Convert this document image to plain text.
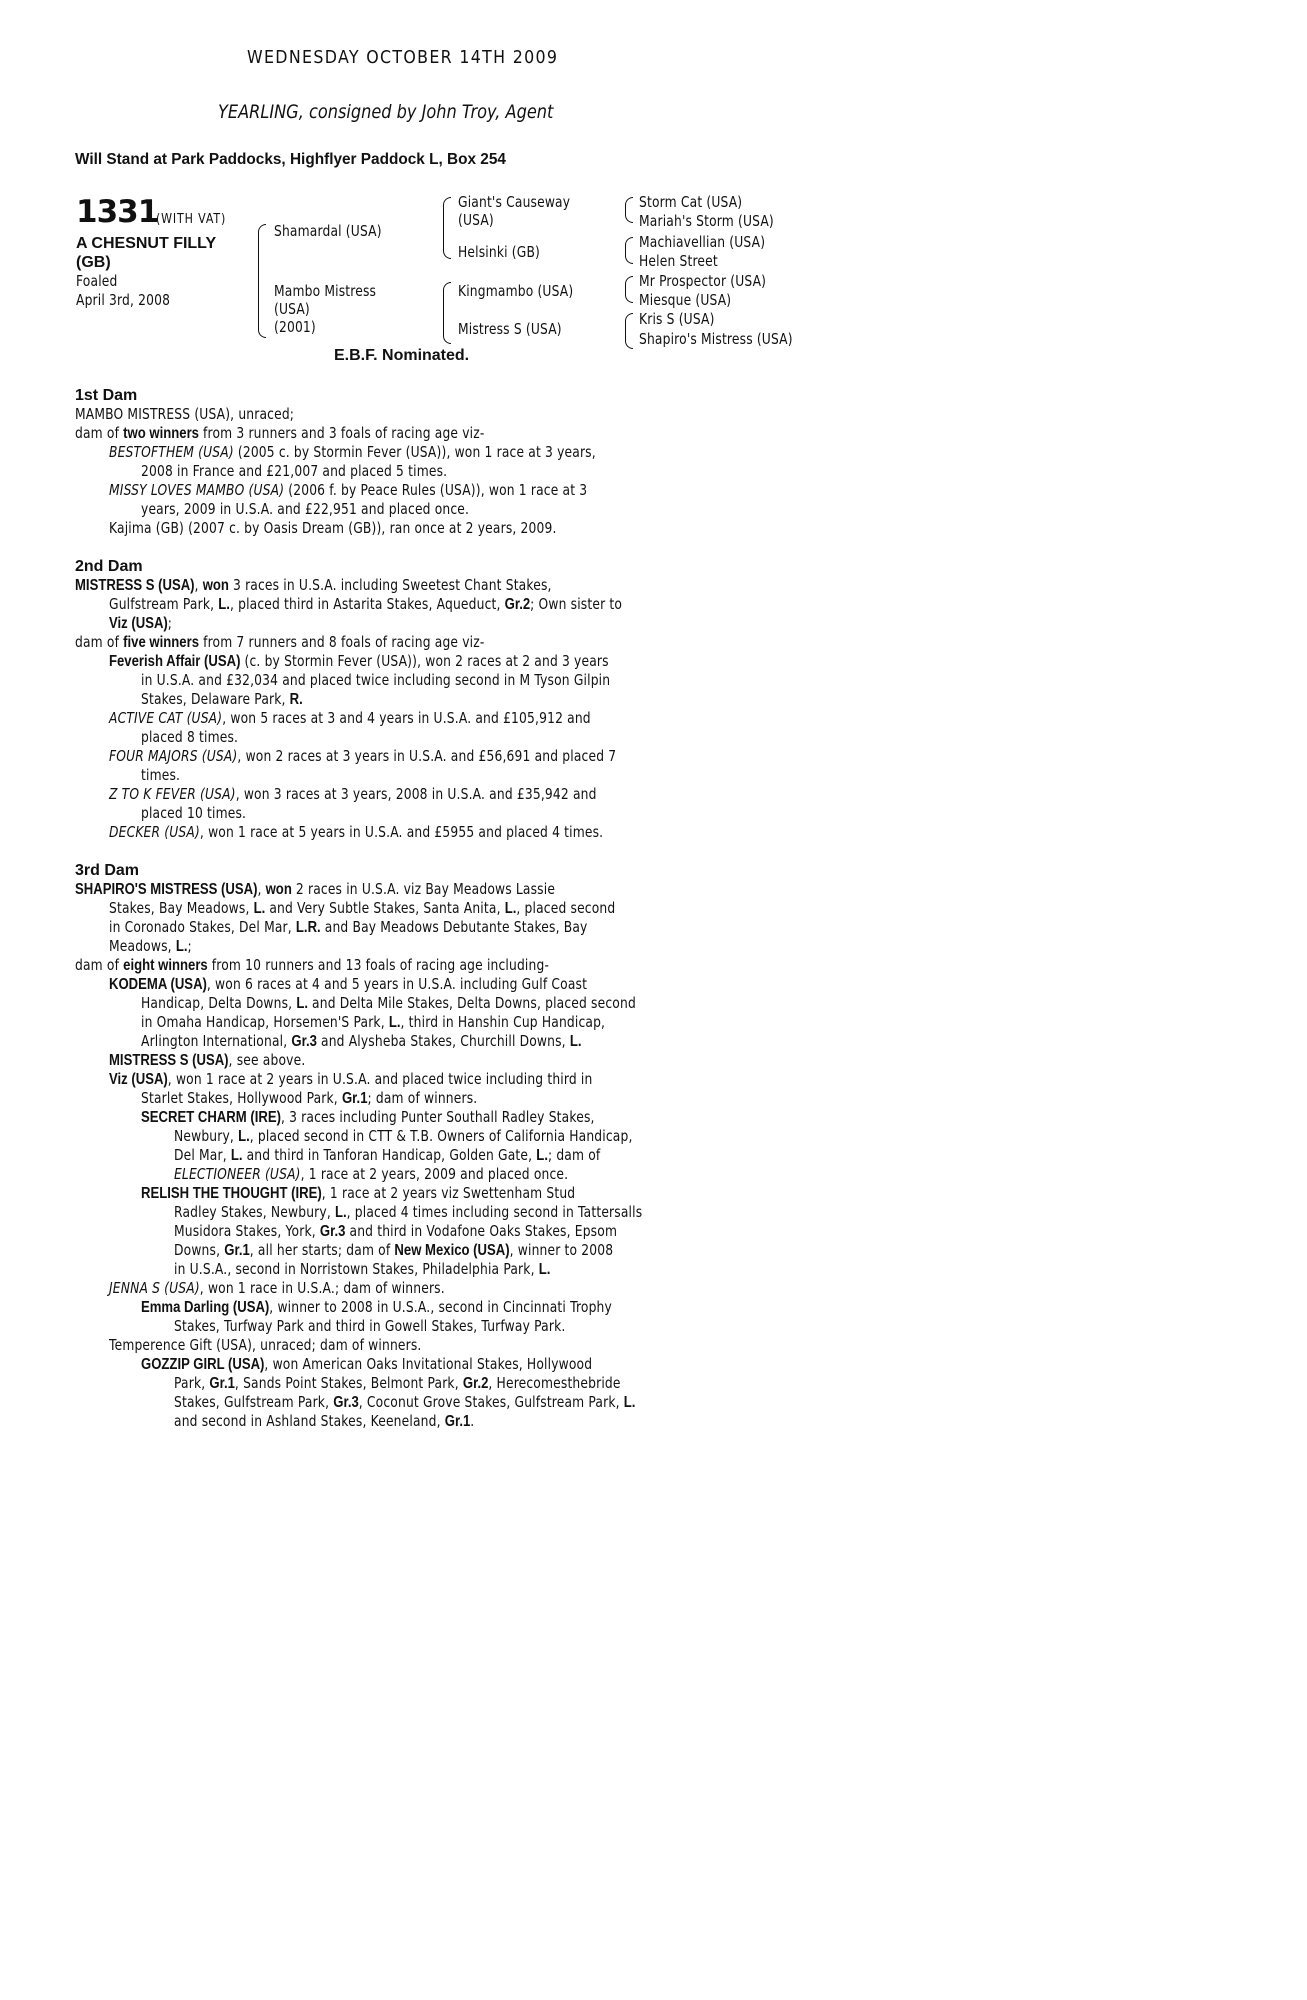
WEDNESDAY OCTOBER 14TH 2009
YEARLING, consigned by John Troy, Agent
Will Stand at Park Paddocks, Highflyer Paddock L, Box 254
1331
(WITH VAT)
A CHESNUT FILLY
(GB)
Foaled
April 3rd, 2008
Shamardal (USA)
Mambo Mistress
(USA)
(2001)
Giant's Causeway
(USA)
Helsinki (GB)
Kingmambo (USA)
Mistress S (USA)
Storm Cat (USA)
Mariah's Storm (USA)
Machiavellian (USA)
Helen Street
Mr Prospector (USA)
Miesque (USA)
Kris S (USA)
Shapiro's Mistress (USA)
E.B.F. Nominated.
1st Dam
MAMBO MISTRESS (USA), unraced;
dam of two winners from 3 runners and 3 foals of racing age viz-
BESTOFTHEM (USA) (2005 c. by Stormin Fever (USA)), won 1 race at 3 years,
2008 in France and £21,007 and placed 5 times.
MISSY LOVES MAMBO (USA) (2006 f. by Peace Rules (USA)), won 1 race at 3
years, 2009 in U.S.A. and £22,951 and placed once.
Kajima (GB) (2007 c. by Oasis Dream (GB)), ran once at 2 years, 2009.
2nd Dam
MISTRESS S (USA), won 3 races in U.S.A. including Sweetest Chant Stakes,
Gulfstream Park, L., placed third in Astarita Stakes, Aqueduct, Gr.2; Own sister to
Viz (USA);
dam of five winners from 7 runners and 8 foals of racing age viz-
Feverish Affair (USA) (c. by Stormin Fever (USA)), won 2 races at 2 and 3 years
in U.S.A. and £32,034 and placed twice including second in M Tyson Gilpin
Stakes, Delaware Park, R.
ACTIVE CAT (USA), won 5 races at 3 and 4 years in U.S.A. and £105,912 and
placed 8 times.
FOUR MAJORS (USA), won 2 races at 3 years in U.S.A. and £56,691 and placed 7
times.
Z TO K FEVER (USA), won 3 races at 3 years, 2008 in U.S.A. and £35,942 and
placed 10 times.
DECKER (USA), won 1 race at 5 years in U.S.A. and £5955 and placed 4 times.
3rd Dam
SHAPIRO'S MISTRESS (USA), won 2 races in U.S.A. viz Bay Meadows Lassie
Stakes, Bay Meadows, L. and Very Subtle Stakes, Santa Anita, L., placed second
in Coronado Stakes, Del Mar, L.R. and Bay Meadows Debutante Stakes, Bay
Meadows, L.;
dam of eight winners from 10 runners and 13 foals of racing age including-
KODEMA (USA), won 6 races at 4 and 5 years in U.S.A. including Gulf Coast
Handicap, Delta Downs, L. and Delta Mile Stakes, Delta Downs, placed second
in Omaha Handicap, Horsemen'S Park, L., third in Hanshin Cup Handicap,
Arlington International, Gr.3 and Alysheba Stakes, Churchill Downs, L.
MISTRESS S (USA), see above.
Viz (USA), won 1 race at 2 years in U.S.A. and placed twice including third in
Starlet Stakes, Hollywood Park, Gr.1; dam of winners.
SECRET CHARM (IRE), 3 races including Punter Southall Radley Stakes,
Newbury, L., placed second in CTT & T.B. Owners of California Handicap,
Del Mar, L. and third in Tanforan Handicap, Golden Gate, L.; dam of
ELECTIONEER (USA), 1 race at 2 years, 2009 and placed once.
RELISH THE THOUGHT (IRE), 1 race at 2 years viz Swettenham Stud
Radley Stakes, Newbury, L., placed 4 times including second in Tattersalls
Musidora Stakes, York, Gr.3 and third in Vodafone Oaks Stakes, Epsom
Downs, Gr.1, all her starts; dam of New Mexico (USA), winner to 2008
in U.S.A., second in Norristown Stakes, Philadelphia Park, L.
JENNA S (USA), won 1 race in U.S.A.; dam of winners.
Emma Darling (USA), winner to 2008 in U.S.A., second in Cincinnati Trophy
Stakes, Turfway Park and third in Gowell Stakes, Turfway Park.
Temperence Gift (USA), unraced; dam of winners.
GOZZIP GIRL (USA), won American Oaks Invitational Stakes, Hollywood
Park, Gr.1, Sands Point Stakes, Belmont Park, Gr.2, Herecomesthebride
Stakes, Gulfstream Park, Gr.3, Coconut Grove Stakes, Gulfstream Park, L.
and second in Ashland Stakes, Keeneland, Gr.1.
